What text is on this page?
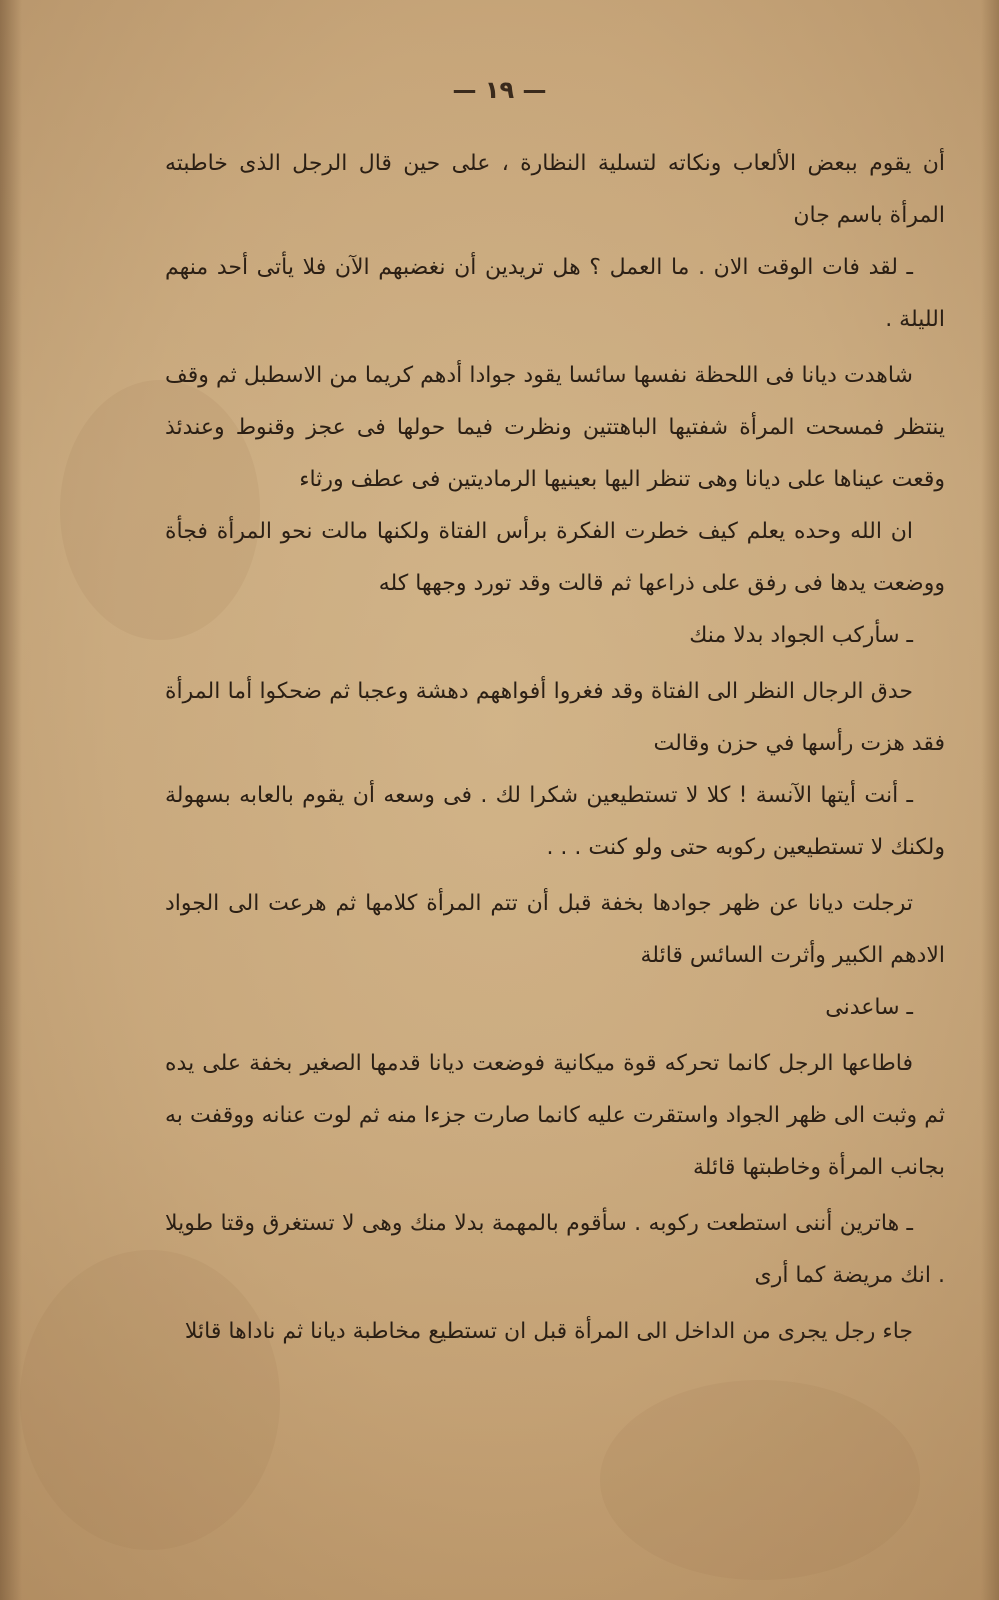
— ١٩ —

أن يقوم ببعض الألعاب ونكاته لتسلية النظارة ، على حين قال الرجل الذى خاطبته المرأة باسم جان

ـ لقد فات الوقت الان . ما العمل ؟ هل تريدين أن نغضبهم الآن فلا يأتى أحد منهم الليلة .

شاهدت ديانا فى اللحظة نفسها سائسا يقود جوادا أدهم كريما من الاسطبل ثم وقف ينتظر فمسحت المرأة شفتيها الباهتتين ونظرت فيما حولها فى عجز وقنوط وعندئذ وقعت عيناها على ديانا وهى تنظر اليها بعينيها الرماديتين فى عطف ورثاء

ان الله وحده يعلم كيف خطرت الفكرة برأس الفتاة ولكنها مالت نحو المرأة فجأة ووضعت يدها فى رفق على ذراعها ثم قالت وقد تورد وجهها كله

ـ سأركب الجواد بدلا منك

حدق الرجال النظر الى الفتاة وقد فغروا أفواههم دهشة وعجبا ثم ضحكوا أما المرأة فقد هزت رأسها في حزن وقالت

ـ أنت أيتها الآنسة ! كلا لا تستطيعين شكرا لك . فى وسعه أن يقوم بالعابه بسهولة ولكنك لا تستطيعين ركوبه حتى ولو كنت . . .

ترجلت ديانا عن ظهر جوادها بخفة قبل أن تتم المرأة كلامها ثم هرعت الى الجواد الادهم الكبير وأثرت السائس قائلة

ـ ساعدنى

فاطاعها الرجل كانما تحركه قوة ميكانية فوضعت ديانا قدمها الصغير بخفة على يده ثم وثبت الى ظهر الجواد واستقرت عليه كانما صارت جزءا منه ثم لوت عنانه ووقفت به بجانب المرأة وخاطبتها قائلة

ـ هاترين أننى استطعت ركوبه . سأقوم بالمهمة بدلا منك وهى لا تستغرق وقتا طويلا . انك مريضة كما أرى

جاء رجل يجرى من الداخل الى المرأة قبل ان تستطيع مخاطبة ديانا ثم ناداها قائلا
